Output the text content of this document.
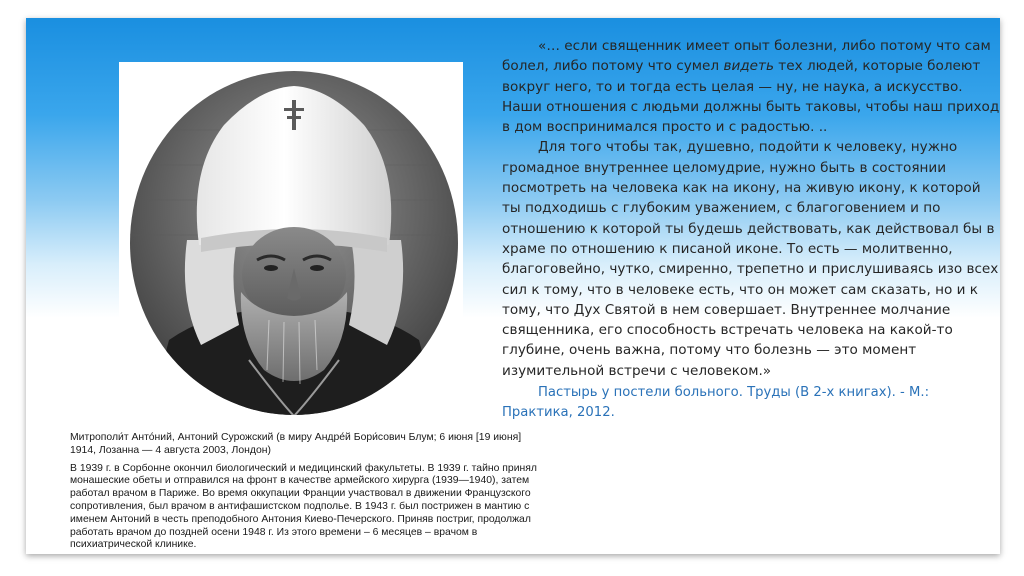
«… если священник имеет опыт болезни, либо потому что сам болел, либо потому что сумел видеть тех людей, которые болеют вокруг него, то и тогда есть целая — ну, не наука, а искусство. Наши отношения с людьми должны быть таковы, чтобы наш приход в дом воспринимался просто и с радостью. ..

Для того чтобы так, душевно, подойти к человеку, нужно громадное внутреннее целомудрие, нужно быть в состоянии посмотреть на человека как на икону, на живую икону, к которой ты подходишь с глубоким уважением, с благоговением и по отношению к которой ты будешь действовать, как действовал бы в храме по отношению к писаной иконе. То есть — молитвенно, благоговейно, чутко, смиренно, трепетно и прислушиваясь изо всех сил к тому, что в человеке есть, что он может сам сказать, но и к тому, что Дух Святой в нем совершает. Внутреннее молчание священника, его способность встречать человека на какой-то глубине, очень важна, потому что болезнь — это момент изумительной встречи с человеком.»

Пастырь у постели больного. Труды (В 2-х книгах). - М.: Практика, 2012.

Митрополи́т Анто́ний, Антоний Сурожский (в миру Андре́й Бори́сович Блум; 6 июня [19 июня] 1914, Лозанна — 4 августа 2003, Лондон)

В 1939 г. в Сорбонне окончил биологический и медицинский факультеты. В 1939 г. тайно принял монашеские обеты и отправился на фронт в качестве армейского хирурга (1939—1940), затем работал врачом в Париже. Во время оккупации Франции участвовал в движении Французского сопротивления, был врачом в антифашистском подполье. В 1943 г. был пострижен в мантию с именем Антоний в честь преподобного Антония Киево-Печерского. Приняв постриг, продолжал работать врачом до поздней осени 1948 г. Из этого времени – 6 месяцев – врачом в психиатрической клинике.
